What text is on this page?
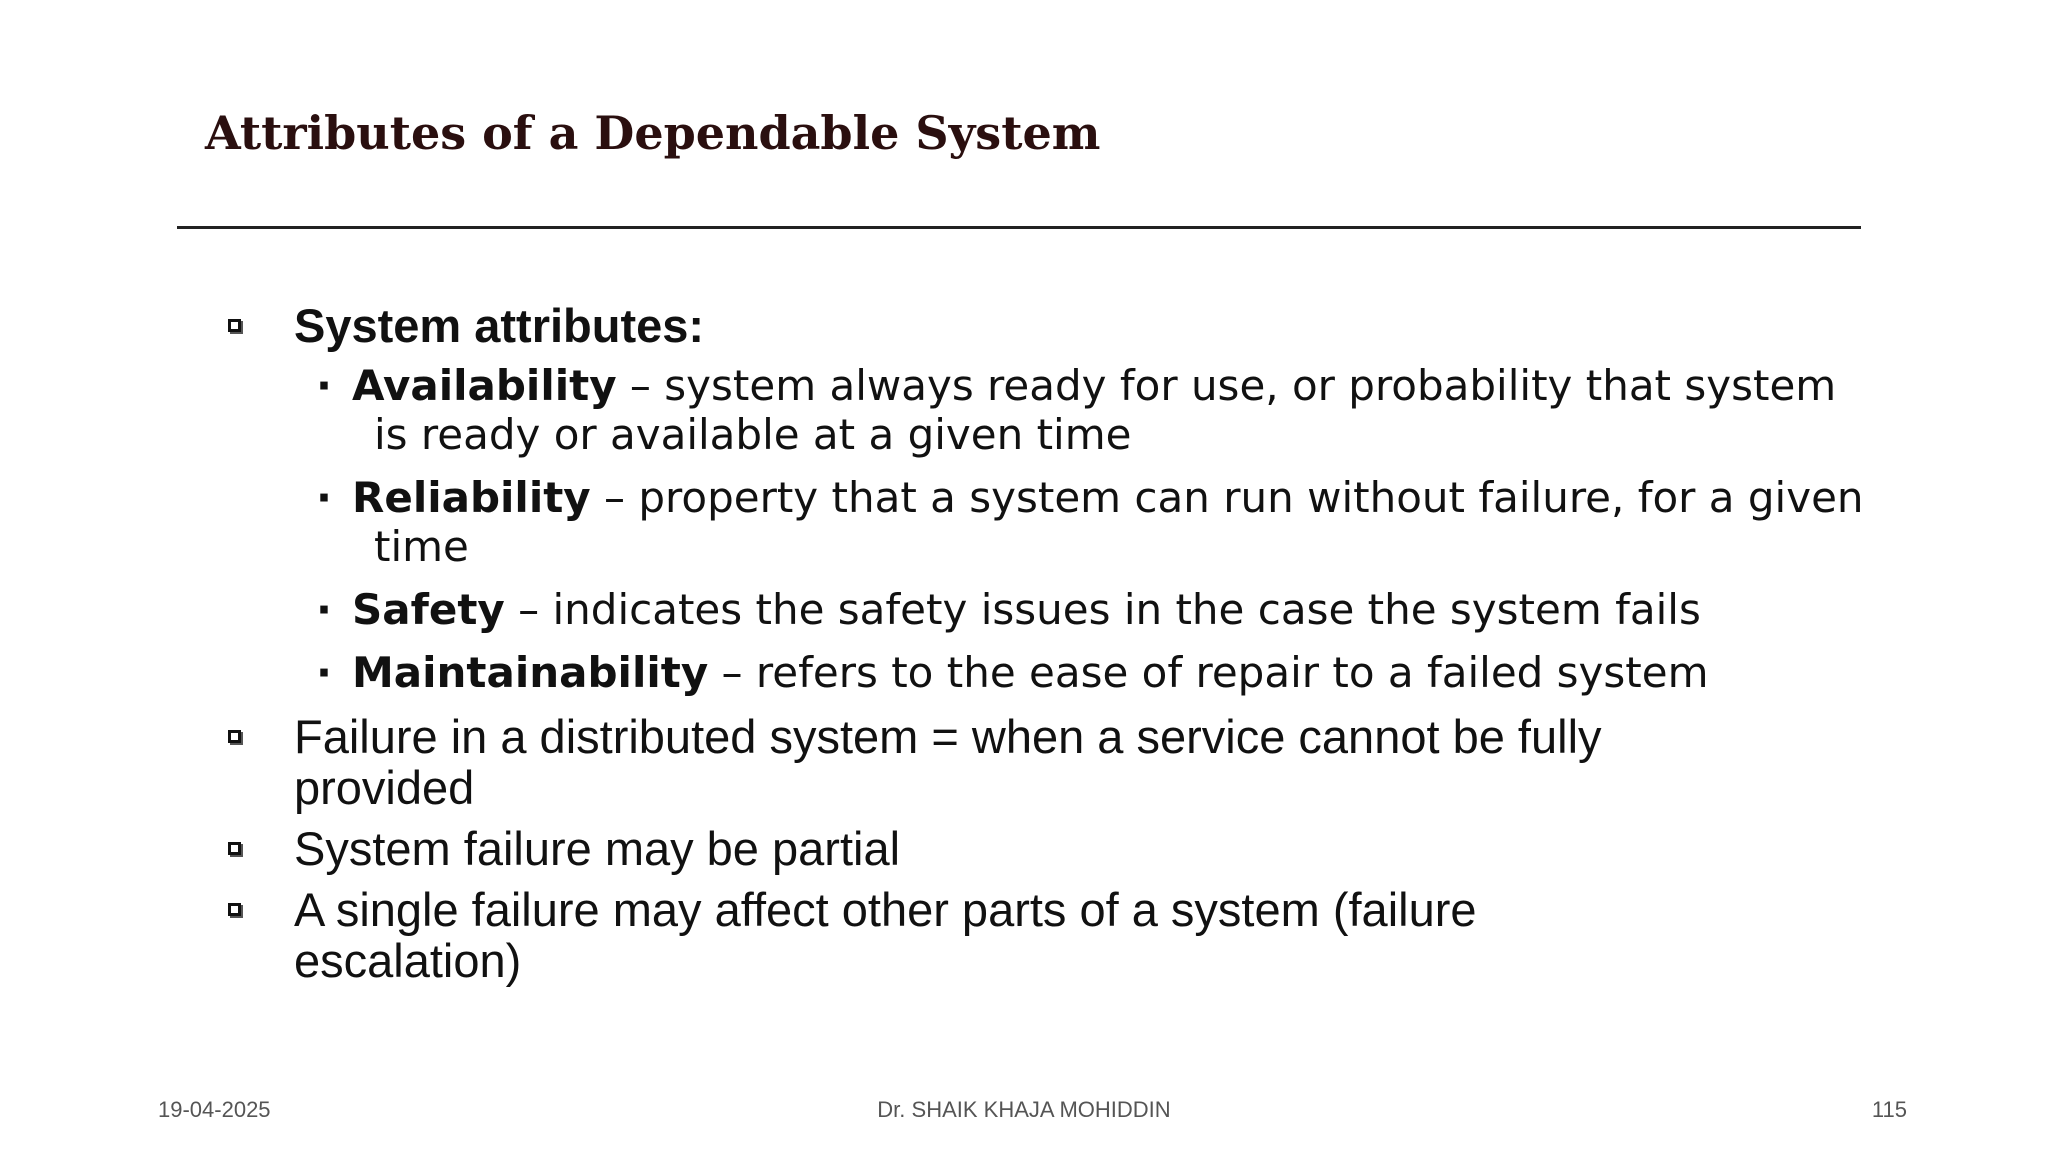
Attributes of a Dependable System
System attributes:
· Availability – system always ready for use, or probability that system
is ready or available at a given time
· Reliability – property that a system can run without failure, for a given
time
· Safety – indicates the safety issues in the case the system fails
· Maintainability – refers to the ease of repair to a failed system
Failure in a distributed system = when a service cannot be fully
provided
System failure may be partial
A single failure may affect other parts of a system (failure
escalation)
19-04-2025	Dr. SHAIK KHAJA MOHIDDIN	115
